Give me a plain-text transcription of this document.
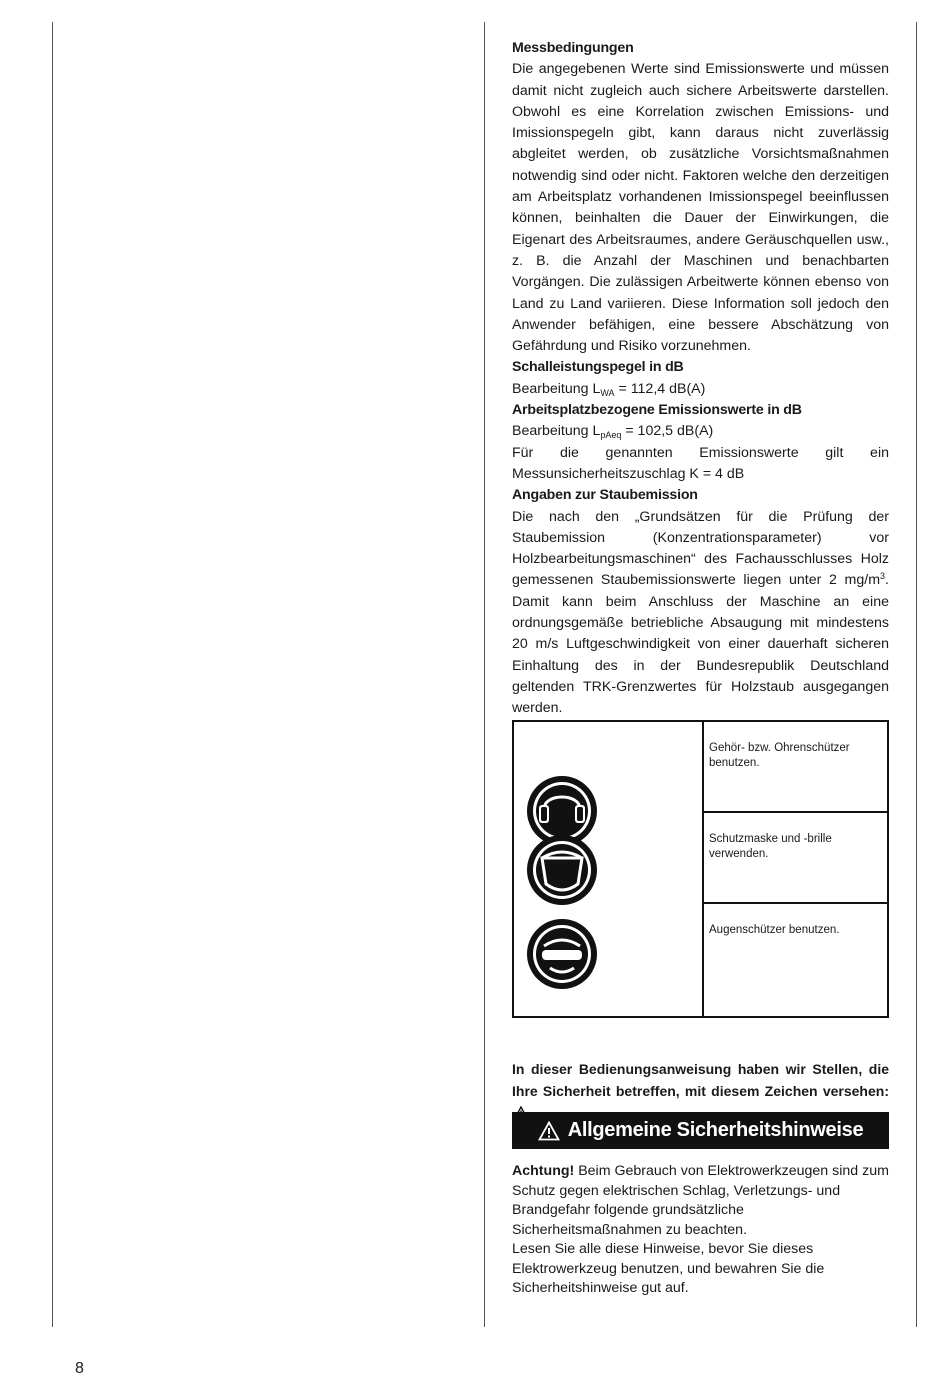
Messbedingungen

Die angegebenen Werte sind Emissionswerte und müssen damit nicht zugleich auch sichere Arbeitswerte darstellen. Obwohl es eine Korrelation zwischen Emissions- und Imissionspegeln gibt, kann daraus nicht zuverlässig abgleitet werden, ob zusätzliche Vorsichtsmaßnahmen notwendig sind oder nicht. Faktoren welche den derzeitigen am Arbeitsplatz vorhandenen Imissionspegel beeinflussen können, beinhalten die Dauer der Einwirkungen, die Eigenart des Arbeitsraumes, andere Geräuschquellen usw., z. B. die Anzahl der Maschinen und benachbarten Vorgängen. Die zulässigen Arbeitwerte können ebenso von Land zu Land variieren. Diese Information soll jedoch den Anwender befähigen, eine bessere Abschätzung von Gefährdung und Risiko vorzunehmen.

Schalleistungspegel in dB

Bearbeitung $L_{WA} = 112,4$ dB(A)

Arbeitsplatzbezogene Emissionswerte in dB

Bearbeitung $L_{pAeq} = 102,5$ dB(A)

Für die genannten Emissionswerte gilt ein Messunsicherheitszuschlag K = 4 dB

Angaben zur Staubemission

Die nach den „Grundsätzen für die Prüfung der Staubemission (Konzentrationsparameter) vor Holzbearbeitungsmaschinen“ des Fachausschlusses Holz gemessenen Staubemissionswerte liegen unter 2 $mg/m^3$. Damit kann beim Anschluss der Maschine an eine ordnungsgemäße betriebliche Absaugung mit mindestens 20 m/s Luftgeschwindigkeit von einer dauerhaft sicheren Einhaltung des in der Bundesrepublik Deutschland geltenden TRK-Grenzwertes für Holzstaub ausgegangen werden.

Gehör- bzw. Ohrenschützer benutzen.
Schutzmaske und -brille verwenden.
Augenschützer benutzen.
In dieser Bedienungsanweisung haben wir Stellen, die Ihre Sicherheit betreffen, mit diesem Zeichen versehen:
Allgemeine Sicherheitshinweise

Achtung! Beim Gebrauch von Elektrowerkzeugen sind zum Schutz gegen elektrischen Schlag, Verletzungs- und Brandgefahr folgende grundsätzliche Sicherheitsmaßnahmen zu beachten.

Lesen Sie alle diese Hinweise, bevor Sie dieses Elektrowerkzeug benutzen, und bewahren Sie die Sicherheitshinweise gut auf.

8
